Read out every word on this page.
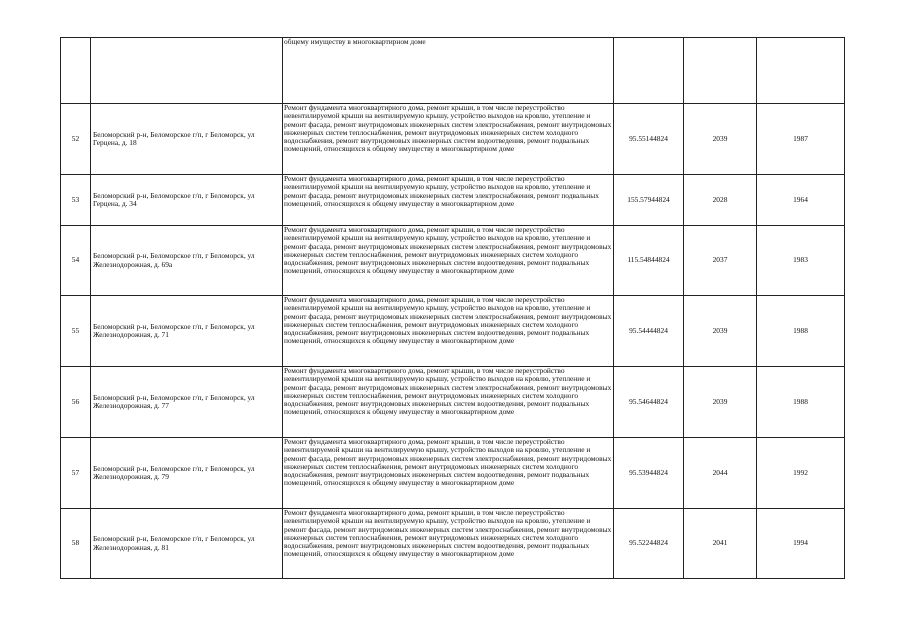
		общему имуществу в многоквартирном доме			
52	Беломорский р-н, Беломорское г/п, г Беломорск, ул Герцена, д. 18	Ремонт фундамента многоквартирного дома, ремонт крыши, в том числе переустройство невентилируемой крыши на вентилируемую крышу, устройство выходов на кровлю, утепление и ремонт фасада, ремонт внутридомовых инженерных систем электроснабжения, ремонт внутридомовых инженерных систем теплоснабжения, ремонт внутридомовых инженерных систем холодного водоснабжения, ремонт внутридомовых инженерных систем водоотведения, ремонт подвальных помещений, относящихся к общему имуществу в многоквартирном доме	95.55144824	2039	1987
53	Беломорский р-н, Беломорское г/п, г Беломорск, ул Герцена, д. 34	Ремонт фундамента многоквартирного дома, ремонт крыши, в том числе переустройство невентилируемой крыши на вентилируемую крышу, устройство выходов на кровлю, утепление и ремонт фасада, ремонт внутридомовых инженерных систем электроснабжения, ремонт подвальных помещений, относящихся к общему имуществу в многоквартирном доме	155.57944824	2028	1964
54	Беломорский р-н, Беломорское г/п, г Беломорск, ул Железнодорожная, д. 69а	Ремонт фундамента многоквартирного дома, ремонт крыши, в том числе переустройство невентилируемой крыши на вентилируемую крышу, устройство выходов на кровлю, утепление и ремонт фасада, ремонт внутридомовых инженерных систем электроснабжения, ремонт внутридомовых инженерных систем теплоснабжения, ремонт внутридомовых инженерных систем холодного водоснабжения, ремонт внутридомовых инженерных систем водоотведения, ремонт подвальных помещений, относящихся к общему имуществу в многоквартирном доме	115.54844824	2037	1983
55	Беломорский р-н, Беломорское г/п, г Беломорск, ул Железнодорожная, д. 71	Ремонт фундамента многоквартирного дома, ремонт крыши, в том числе переустройство невентилируемой крыши на вентилируемую крышу, устройство выходов на кровлю, утепление и ремонт фасада, ремонт внутридомовых инженерных систем электроснабжения, ремонт внутридомовых инженерных систем теплоснабжения, ремонт внутридомовых инженерных систем холодного водоснабжения, ремонт внутридомовых инженерных систем водоотведения, ремонт подвальных помещений, относящихся к общему имуществу в многоквартирном доме	95.54444824	2039	1988
56	Беломорский р-н, Беломорское г/п, г Беломорск, ул Железнодорожная, д. 77	Ремонт фундамента многоквартирного дома, ремонт крыши, в том числе переустройство невентилируемой крыши на вентилируемую крышу, устройство выходов на кровлю, утепление и ремонт фасада, ремонт внутридомовых инженерных систем электроснабжения, ремонт внутридомовых инженерных систем теплоснабжения, ремонт внутридомовых инженерных систем холодного водоснабжения, ремонт внутридомовых инженерных систем водоотведения, ремонт подвальных помещений, относящихся к общему имуществу в многоквартирном доме	95.54644824	2039	1988
57	Беломорский р-н, Беломорское г/п, г Беломорск, ул Железнодорожная, д. 79	Ремонт фундамента многоквартирного дома, ремонт крыши, в том числе переустройство невентилируемой крыши на вентилируемую крышу, устройство выходов на кровлю, утепление и ремонт фасада, ремонт внутридомовых инженерных систем электроснабжения, ремонт внутридомовых инженерных систем теплоснабжения, ремонт внутридомовых инженерных систем холодного водоснабжения, ремонт внутридомовых инженерных систем водоотведения, ремонт подвальных помещений, относящихся к общему имуществу в многоквартирном доме	95.53944824	2044	1992
58	Беломорский р-н, Беломорское г/п, г Беломорск, ул Железнодорожная, д. 81	Ремонт фундамента многоквартирного дома, ремонт крыши, в том числе переустройство невентилируемой крыши на вентилируемую крышу, устройство выходов на кровлю, утепление и ремонт фасада, ремонт внутридомовых инженерных систем электроснабжения, ремонт внутридомовых инженерных систем теплоснабжения, ремонт внутридомовых инженерных систем холодного водоснабжения, ремонт внутридомовых инженерных систем водоотведения, ремонт подвальных помещений, относящихся к общему имуществу в многоквартирном доме	95.52244824	2041	1994
